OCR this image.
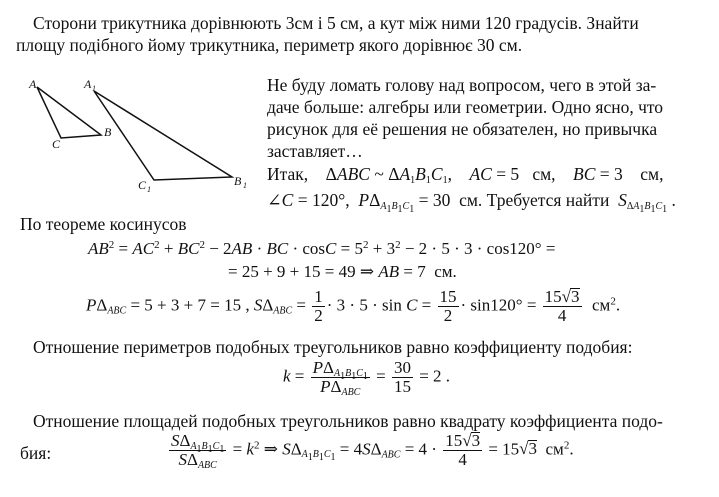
Сторони трикутника дорівнюють 3см і 5 см, а кут між ними 120 градусів. Знайти
площу подібного йому трикутника, периметр якого дорівнює 30 см.
A
B
C
A 1
B 1
C 1
Не буду ломать голову над вопросом, чего в этой за-
даче больше: алгебры или геометрии. Одно ясно, что
рисунок для её решения не обязателен, но привычка
заставляет…
Итак, ΔABC ~ $\Delta A_1B_1C_1$, AC = 5   см, BC = 3    см,
∠C = 120°, $P\Delta_{A_1B_1C_1} = 30$  см. Требуется найти $S_{\Delta A_1B_1C_1}$ .
По теореме косинусов
$AB^2 = AC^2 + BC^2 - 2AB$ · BC · $\cos C = 5^2 + 3^2 - 2 \cdot 5 \cdot 3 \cdot \cos 120^\circ$ =
= 25 + 9 + 15 = 49 ⇒ AB = 7  см.
$P\Delta_{ABC} = 5 + 3 + 7 = 15$ , $S\Delta_{ABC} = \frac{1}{2} \cdot 3 \cdot 5 \cdot \sin C = \frac{15}{2} \cdot \sin 120^\circ = \frac{15√3}{4} см^2$.
Отношение периметров подобных треугольников равно коэффициенту подобия:
$k = \frac{P\Delta_{A_1B_1C_1}}{P\Delta_{ABC}} = \frac{30}{15} = 2$ .
Отношение площадей подобных треугольников равно квадрату коэффициента подо-
бия:	$\frac{S\Delta_{A_1B_1C_1}}{S\Delta_{ABC}} = k^2$ ⇒ $S\Delta_{A_1B_1C_1} = 4S\Delta_{ABC} = 4 \cdot \frac{15√3}{4} = 15√3$ $см^2$.
